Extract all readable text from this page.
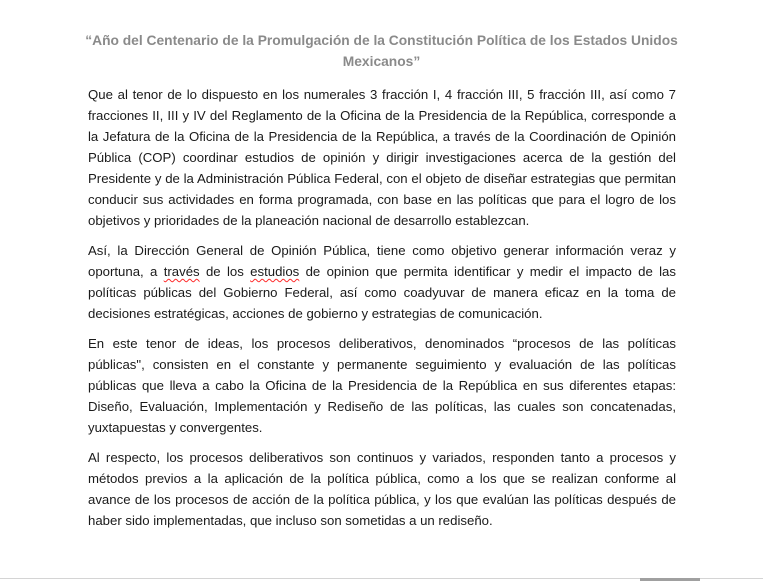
“Año del Centenario de la Promulgación de la Constitución Política de los Estados Unidos Mexicanos”

Que al tenor de lo dispuesto en los numerales 3 fracción I, 4 fracción III, 5 fracción III, así como 7 fracciones II, III y IV del Reglamento de la Oficina de la Presidencia de la República, corresponde a la Jefatura de la Oficina de la Presidencia de la República, a través de la Coordinación de Opinión Pública (COP) coordinar estudios de opinión y dirigir investigaciones acerca de la gestión del Presidente y de la Administración Pública Federal, con el objeto de diseñar estrategias que permitan conducir sus actividades en forma programada, con base en las políticas que para el logro de los objetivos y prioridades de la planeación nacional de desarrollo establezcan.

Así, la Dirección General de Opinión Pública, tiene como objetivo generar información veraz y oportuna, a través de los estudios de opinion que permita identificar y medir el impacto de las políticas públicas del Gobierno Federal, así como coadyuvar de manera eficaz en la toma de decisiones estratégicas, acciones de gobierno y estrategias de comunicación.

En este tenor de ideas, los procesos deliberativos, denominados “procesos de las políticas públicas", consisten en el constante y permanente seguimiento y evaluación de las políticas públicas que lleva a cabo la Oficina de la Presidencia de la República en sus diferentes etapas: Diseño, Evaluación, Implementación y Rediseño de las políticas, las cuales son concatenadas, yuxtapuestas y convergentes.

Al respecto, los procesos deliberativos son continuos y variados, responden tanto a procesos y métodos previos a la aplicación de la política pública, como a los que se realizan conforme al avance de los procesos de acción de la política pública, y los que evalúan las políticas después de haber sido implementadas, que incluso son sometidas a un rediseño.
